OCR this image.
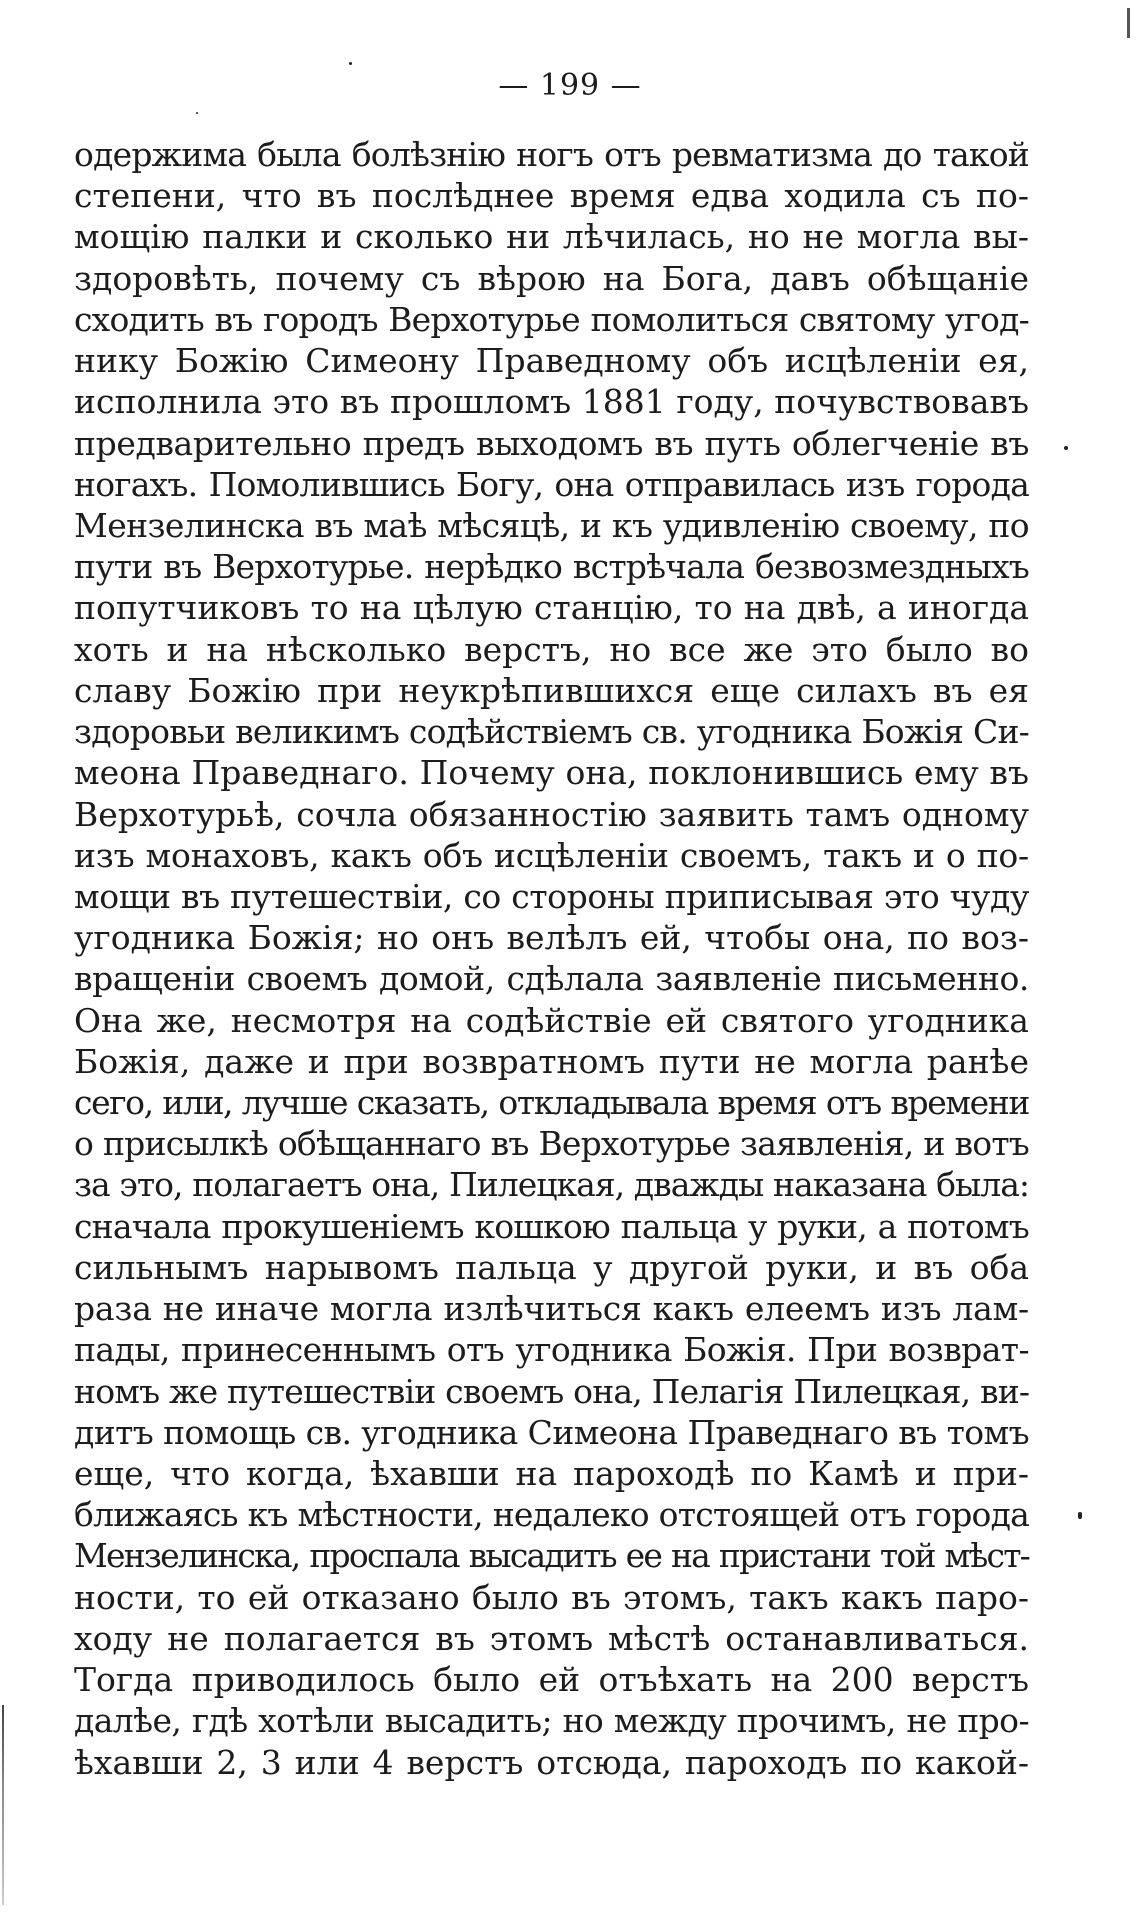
— 199 —
одержима была болѣзнію ногъ отъ ревматизма до такой
степени, что въ послѣднее время едва ходила съ по-
мощію палки и сколько ни лѣчилась, но не могла вы-
здоровѣть, почему съ вѣрою на Бога, давъ обѣщаніе
сходить въ городъ Верхотурье помолиться святому угод-
нику Божію Симеону Праведному объ исцѣленіи ея,
исполнила это въ прошломъ 1881 году, почувствовавъ
предварительно предъ выходомъ въ путь облегченіе въ
ногахъ. Помолившись Богу, она отправилась изъ города
Мензелинска въ маѣ мѣсяцѣ, и къ удивленію своему, по
пути въ Верхотурье. нерѣдко встрѣчала безвозмездныхъ
попутчиковъ то на цѣлую станцію, то на двѣ, а иногда
хоть и на нѣсколько верстъ, но все же это было во
славу Божію при неукрѣпившихся еще силахъ въ ея
здоровьи великимъ содѣйствіемъ св. угодника Божія Си-
меона Праведнаго. Почему она, поклонившись ему въ
Верхотурьѣ, сочла обязанностію заявить тамъ одному
изъ монаховъ, какъ объ исцѣленіи своемъ, такъ и о по-
мощи въ путешествіи, со стороны приписывая это чуду
угодника Божія; но онъ велѣлъ ей, чтобы она, по воз-
вращеніи своемъ домой, сдѣлала заявленіе письменно.
Она же, несмотря на содѣйствіе ей святого угодника
Божія, даже и при возвратномъ пути не могла ранѣе
сего, или, лучше сказать, откладывала время отъ времени
о присылкѣ обѣщаннаго въ Верхотурье заявленія, и вотъ
за это, полагаетъ она, Пилецкая, дважды наказана была:
сначала прокушеніемъ кошкою пальца у руки, а потомъ
сильнымъ нарывомъ пальца у другой руки, и въ оба
раза не иначе могла излѣчиться какъ елеемъ изъ лам-
пады, принесеннымъ отъ угодника Божія. При возврат-
номъ же путешествіи своемъ она, Пелагія Пилецкая, ви-
дитъ помощь св. угодника Симеона Праведнаго въ томъ
еще, что когда, ѣхавши на пароходѣ по Камѣ и при-
ближаясь къ мѣстности, недалеко отстоящей отъ города
Мензелинска, проспала высадить ее на пристани той мѣст-
ности, то ей отказано было въ этомъ, такъ какъ паро-
ходу не полагается въ этомъ мѣстѣ останавливаться.
Тогда приводилось было ей отъѣхать на 200 верстъ
далѣе, гдѣ хотѣли высадить; но между прочимъ, не про-
ѣхавши 2, 3 или 4 верстъ отсюда, пароходъ по какой-
